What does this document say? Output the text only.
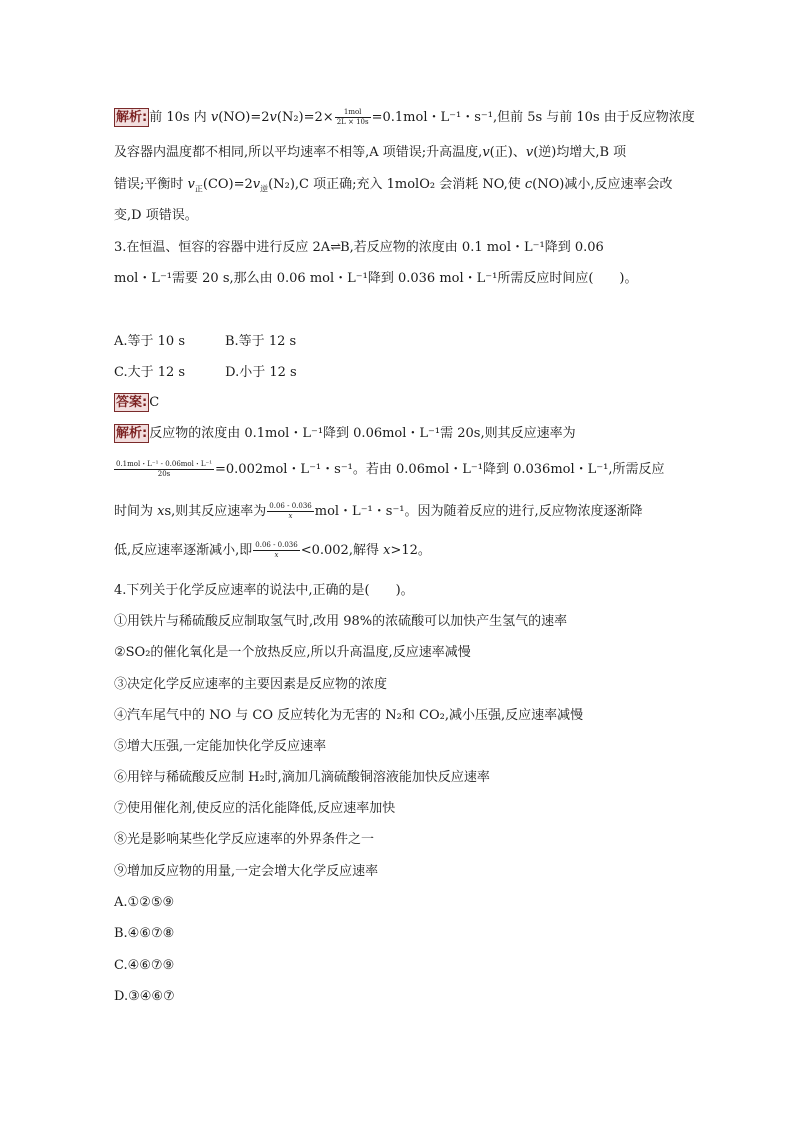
解析: 前 10s 内 $v(NO)=2v(N_2)=2\times \frac{\text{1mol}}{2L \times 10s} =0.1mol$・L⁻¹・s⁻¹,但前 5s 与前 10s 由于反应物浓度
及容器内温度都不相同,所以平均速率不相等,A 项错误;升高温度,v(正)、v(逆)均增大,B 项
错误;平衡时 $v_正(CO)=2v_逆(N_2),C$ 项正确;充入 1molO₂ 会消耗 NO,使 c(NO)减小,反应速率会改
变,D 项错误。
3.在恒温、恒容的容器中进行反应 2A⇌B,若反应物的浓度由 0.1 mol・L⁻¹降到 0.06
mol・L⁻¹需要 20 s,那么由 0.06 mol・L⁻¹降到 0.036 mol・L⁻¹所需反应时间应(　　)。
A.等于 10 s	B.等于 12 s
C.大于 12 s	D.小于 12 s
答案: C
解析: 反应物的浓度由 0.1mol・L⁻¹降到 0.06mol・L⁻¹需 20s,则其反应速率为
$\frac{\text{0.1mol・L⁻¹ - 0.06mol・L⁻¹}}{20s} =0.002mol$・L⁻¹・s⁻¹。若由 0.06mol・L⁻¹降到 0.036mol・L⁻¹,所需反应
时间为 xs,则其反应速率为 $\frac{0.06 - 0.036}{x}$ mol・L⁻¹・s⁻¹。因为随着反应的进行,反应物浓度逐渐降
低,反应速率逐渐减小,即 $\frac{0.06 - 0.036}{x} <0.002$,解得 x>12。
4.下列关于化学反应速率的说法中,正确的是(　　)。
①用铁片与稀硫酸反应制取氢气时,改用 98%的浓硫酸可以加快产生氢气的速率
②SO₂的催化氧化是一个放热反应,所以升高温度,反应速率减慢
③决定化学反应速率的主要因素是反应物的浓度
④汽车尾气中的 NO 与 CO 反应转化为无害的 N₂和 CO₂,减小压强,反应速率减慢
⑤增大压强,一定能加快化学反应速率
⑥用锌与稀硫酸反应制 H₂时,滴加几滴硫酸铜溶液能加快反应速率
⑦使用催化剂,使反应的活化能降低,反应速率加快
⑧光是影响某些化学反应速率的外界条件之一
⑨增加反应物的用量,一定会增大化学反应速率
A.①②⑤⑨
B.④⑥⑦⑧
C.④⑥⑦⑨
D.③④⑥⑦
